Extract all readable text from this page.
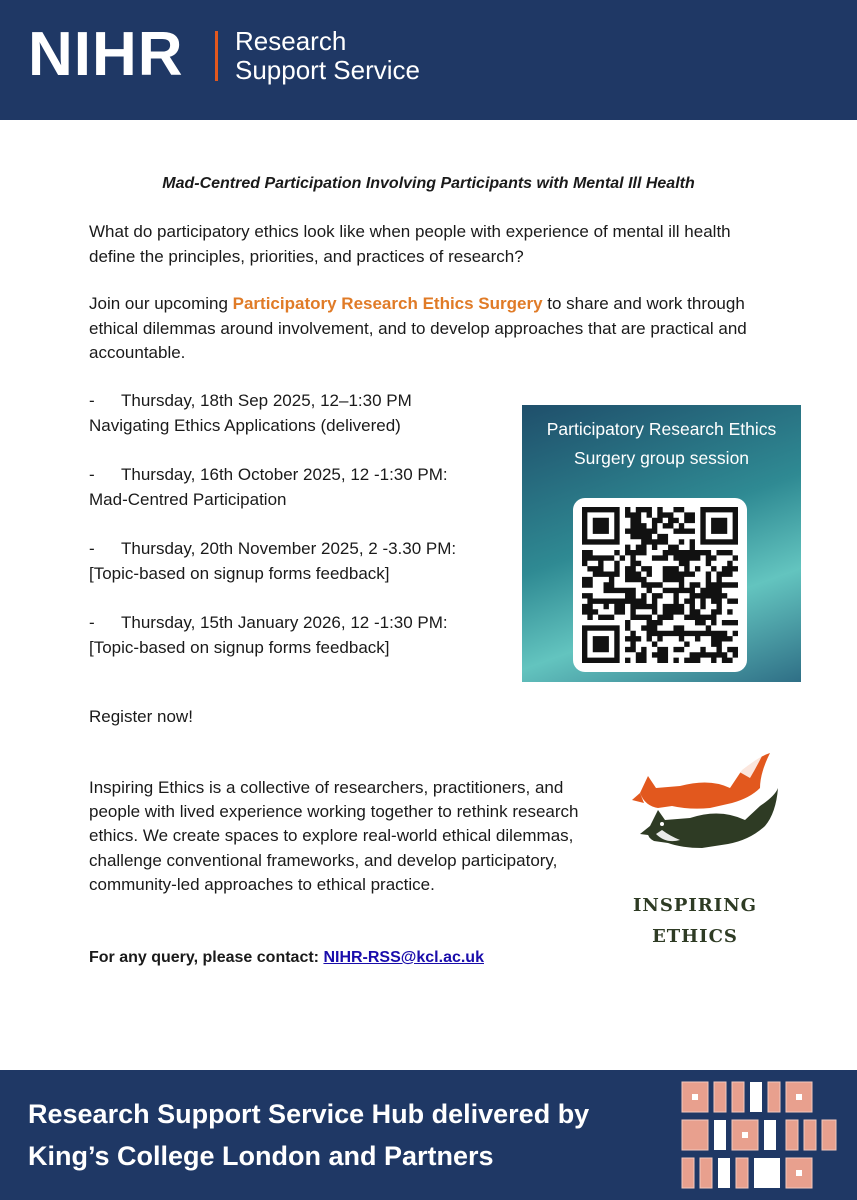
NIHR Research
Support Service
Mad-Centred Participation Involving Participants with Mental Ill Health
What do participatory ethics look like when people with experience of mental ill health define the principles, priorities, and practices of research?
Join our upcoming Participatory Research Ethics Surgery to share and work through ethical dilemmas around involvement, and to develop approaches that are practical and accountable.
- Thursday, 18th Sep 2025, 12–1:30 PM
Navigating Ethics Applications (delivered)
- Thursday, 16th October 2025, 12 -1:30 PM:
Mad-Centred Participation
- Thursday, 20th November 2025, 2 -3.30 PM:
[Topic-based on signup forms feedback]
- Thursday, 15th January 2026, 12 -1:30 PM:
[Topic-based on signup forms feedback]
Participatory Research Ethics
Surgery group session
Register now!
Inspiring Ethics is a collective of researchers, practitioners, and people with lived experience working together to rethink research ethics. We create spaces to explore real-world ethical dilemmas, challenge conventional frameworks, and develop participatory, community-led approaches to ethical practice.
For any query, please contact: NIHR-RSS@kcl.ac.uk
INSPIRING
ETHICS
Research Support Service Hub delivered by
King’s College London and Partners
